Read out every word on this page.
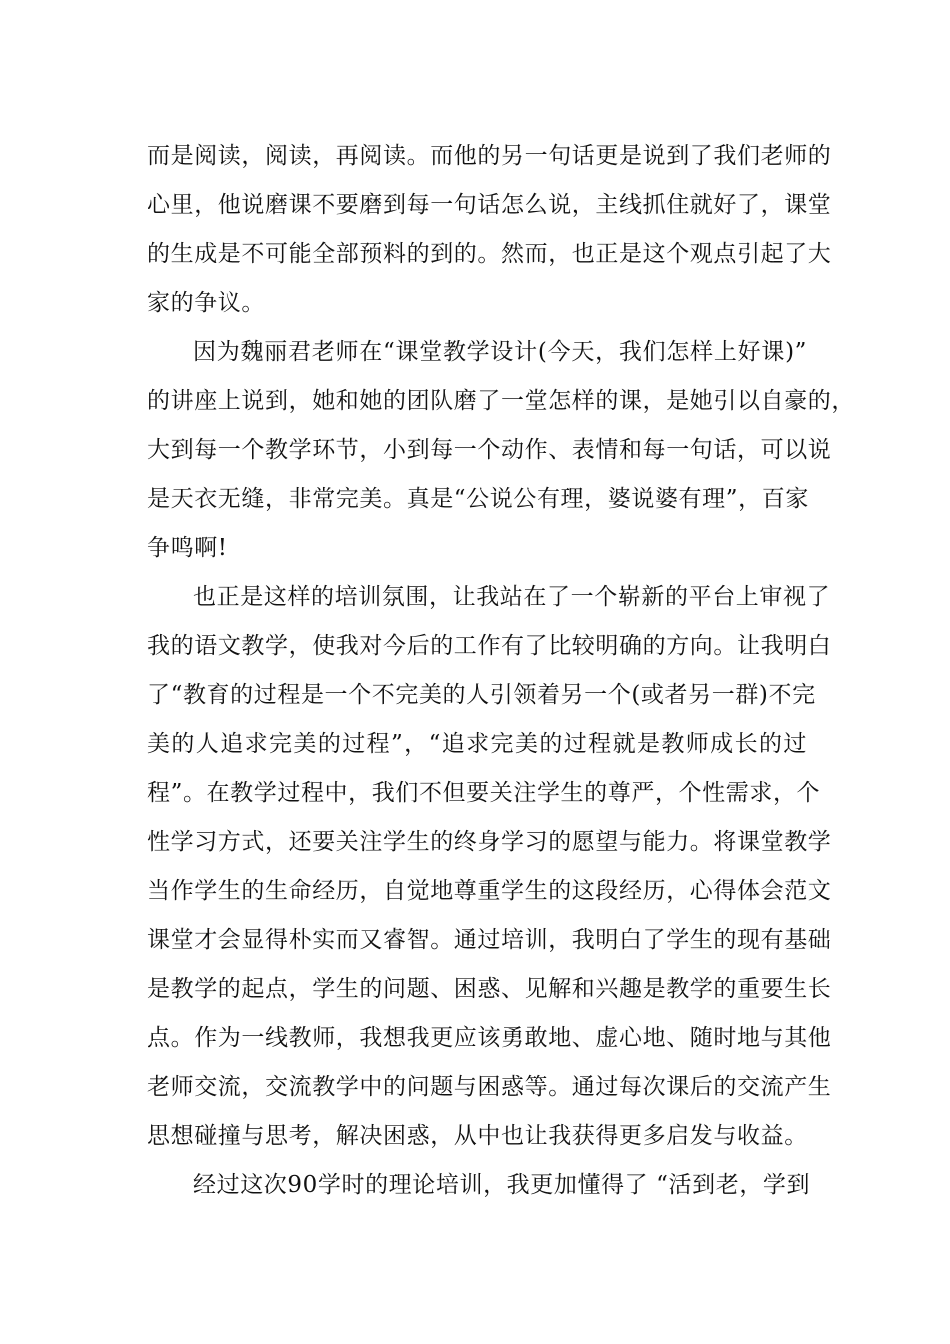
而是阅读，阅读，再阅读。而他的另一句话更是说到了我们老师的
心里，他说磨课不要磨到每一句话怎么说，主线抓住就好了，课堂
的生成是不可能全部预料的到的。然而，也正是这个观点引起了大
家的争议。
因为魏丽君老师在“课堂教学设计(今天，我们怎样上好课)”
的讲座上说到，她和她的团队磨了一堂怎样的课，是她引以自豪的，
大到每一个教学环节，小到每一个动作、表情和每一句话，可以说
是天衣无缝，非常完美。真是“公说公有理，婆说婆有理”，百家
争鸣啊!
也正是这样的培训氛围，让我站在了一个崭新的平台上审视了
我的语文教学，使我对今后的工作有了比较明确的方向。让我明白
了“教育的过程是一个不完美的人引领着另一个(或者另一群)不完
美的人追求完美的过程”，“追求完美的过程就是教师成长的过
程”。在教学过程中，我们不但要关注学生的尊严，个性需求，个
性学习方式，还要关注学生的终身学习的愿望与能力。将课堂教学
当作学生的生命经历，自觉地尊重学生的这段经历，心得体会范文
课堂才会显得朴实而又睿智。通过培训，我明白了学生的现有基础
是教学的起点，学生的问题、困惑、见解和兴趣是教学的重要生长
点。作为一线教师，我想我更应该勇敢地、虚心地、随时地与其他
老师交流，交流教学中的问题与困惑等。通过每次课后的交流产生
思想碰撞与思考，解决困惑，从中也让我获得更多启发与收益。
经过这次90学时的理论培训，我更加懂得了 “活到老，学到
